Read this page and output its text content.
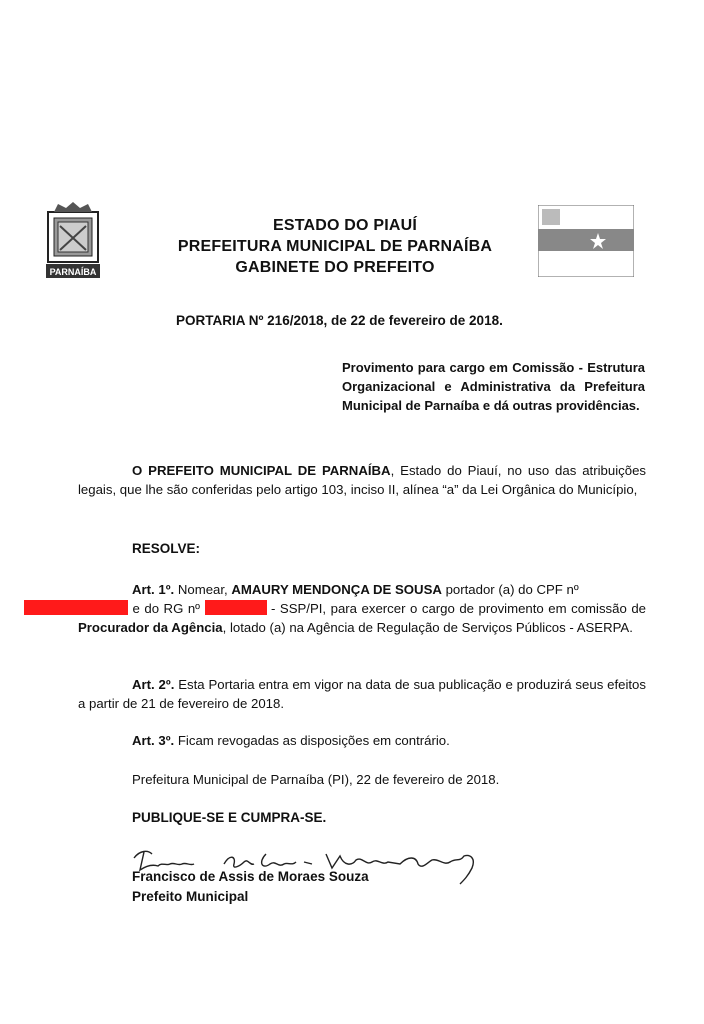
PARNAÍBA
ESTADO DO PIAUÍ
PREFEITURA MUNICIPAL DE PARNAÍBA
GABINETE DO PREFEITO
PORTARIA Nº 216/2018, de 22 de fevereiro de 2018.
Provimento para cargo em Comissão - Estrutura Organizacional e Administrativa da Prefeitura Municipal de Parnaíba e dá outras providências.
O PREFEITO MUNICIPAL DE PARNAÍBA, Estado do Piauí, no uso das atribuições legais, que lhe são conferidas pelo artigo 103, inciso II, alínea “a” da Lei Orgânica do Município,
RESOLVE:
Art. 1º. Nomear, AMAURY MENDONÇA DE SOUSA portador (a) do CPF nº
e do RG nº	- SSP/PI, para exercer o cargo de provimento em comissão de Procurador da Agência, lotado (a) na Agência de Regulação de Serviços Públicos - ASERPA.
Art. 2º. Esta Portaria entra em vigor na data de sua publicação e produzirá seus efeitos a partir de 21 de fevereiro de 2018.
Art. 3º. Ficam revogadas as disposições em contrário.
Prefeitura Municipal de Parnaíba (PI), 22 de fevereiro de 2018.
PUBLIQUE-SE E CUMPRA-SE.
Francisco de Assis de Moraes Souza
Prefeito Municipal
